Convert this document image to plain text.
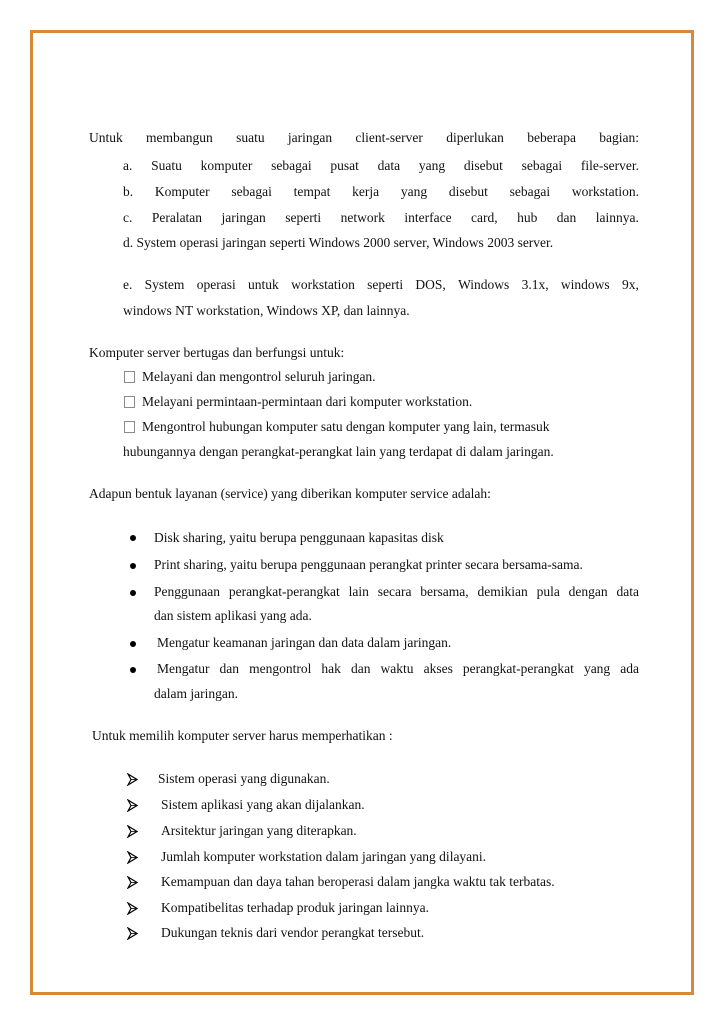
Untuk membangun suatu jaringan client-server diperlukan beberapa bagian:
a. Suatu komputer sebagai pusat data yang disebut sebagai file-server.
b. Komputer sebagai tempat kerja yang disebut sebagai workstation.
c. Peralatan jaringan seperti network interface card, hub dan lainnya.
d. System operasi jaringan seperti Windows 2000 server, Windows 2003 server.
e. System operasi untuk workstation seperti DOS, Windows 3.1x, windows 9x,
windows NT workstation, Windows XP, dan lainnya.
Komputer server bertugas dan berfungsi untuk:
Melayani dan mengontrol seluruh jaringan.
Melayani permintaan-permintaan dari komputer workstation.
Mengontrol hubungan komputer satu dengan komputer yang lain, termasuk
hubungannya dengan perangkat-perangkat lain yang terdapat di dalam jaringan.
Adapun bentuk layanan (service) yang diberikan komputer service adalah:
Disk sharing, yaitu berupa penggunaan kapasitas disk
Print sharing, yaitu berupa penggunaan perangkat printer secara bersama-sama.
Penggunaan perangkat-perangkat lain secara bersama, demikian pula dengan data
dan sistem aplikasi yang ada.
Mengatur keamanan jaringan dan data dalam jaringan.
Mengatur dan mengontrol hak dan waktu akses perangkat-perangkat yang ada
dalam jaringan.
Untuk memilih komputer server harus memperhatikan :
Sistem operasi yang digunakan.
Sistem aplikasi yang akan dijalankan.
Arsitektur jaringan yang diterapkan.
Jumlah komputer workstation dalam jaringan yang dilayani.
Kemampuan dan daya tahan beroperasi dalam jangka waktu tak terbatas.
Kompatibelitas terhadap produk jaringan lainnya.
Dukungan teknis dari vendor perangkat tersebut.
